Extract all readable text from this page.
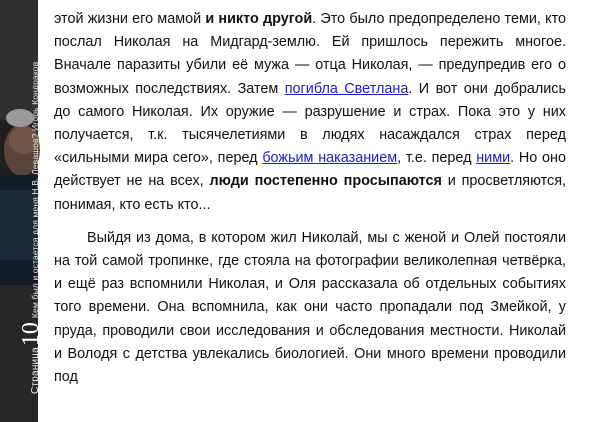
Страница
10
Кем был и остается для меня Н.В. Левашов? Игорь Кондраков

этой жизни его мамой и никто другой. Это было предопределено теми, кто послал Николая на Мидгард-землю. Ей пришлось пережить многое. Вначале паразиты убили её мужа — отца Николая, — предупредив его о возможных последствиях. Затем погибла Светлана. И вот они добрались до самого Николая. Их оружие — разрушение и страх. Пока это у них получается, т.к. тысячелетиями в людях насаждался страх перед «сильными мира сего», перед божьим наказанием, т.е. перед ними. Но оно действует не на всех, люди постепенно просыпаются и просветляются, понимая, кто есть кто...

Выйдя из дома, в котором жил Николай, мы с женой и Олей постояли на той самой тропинке, где стояла на фотографии великолепная четвёрка, и ещё раз вспомнили Николая, и Оля рассказала об отдельных событиях того времени. Она вспомнила, как они часто пропадали под Змейкой, у пруда, проводили свои исследования и обследования местности. Николай и Володя с детства увлекались биологией. Они много времени проводили под
